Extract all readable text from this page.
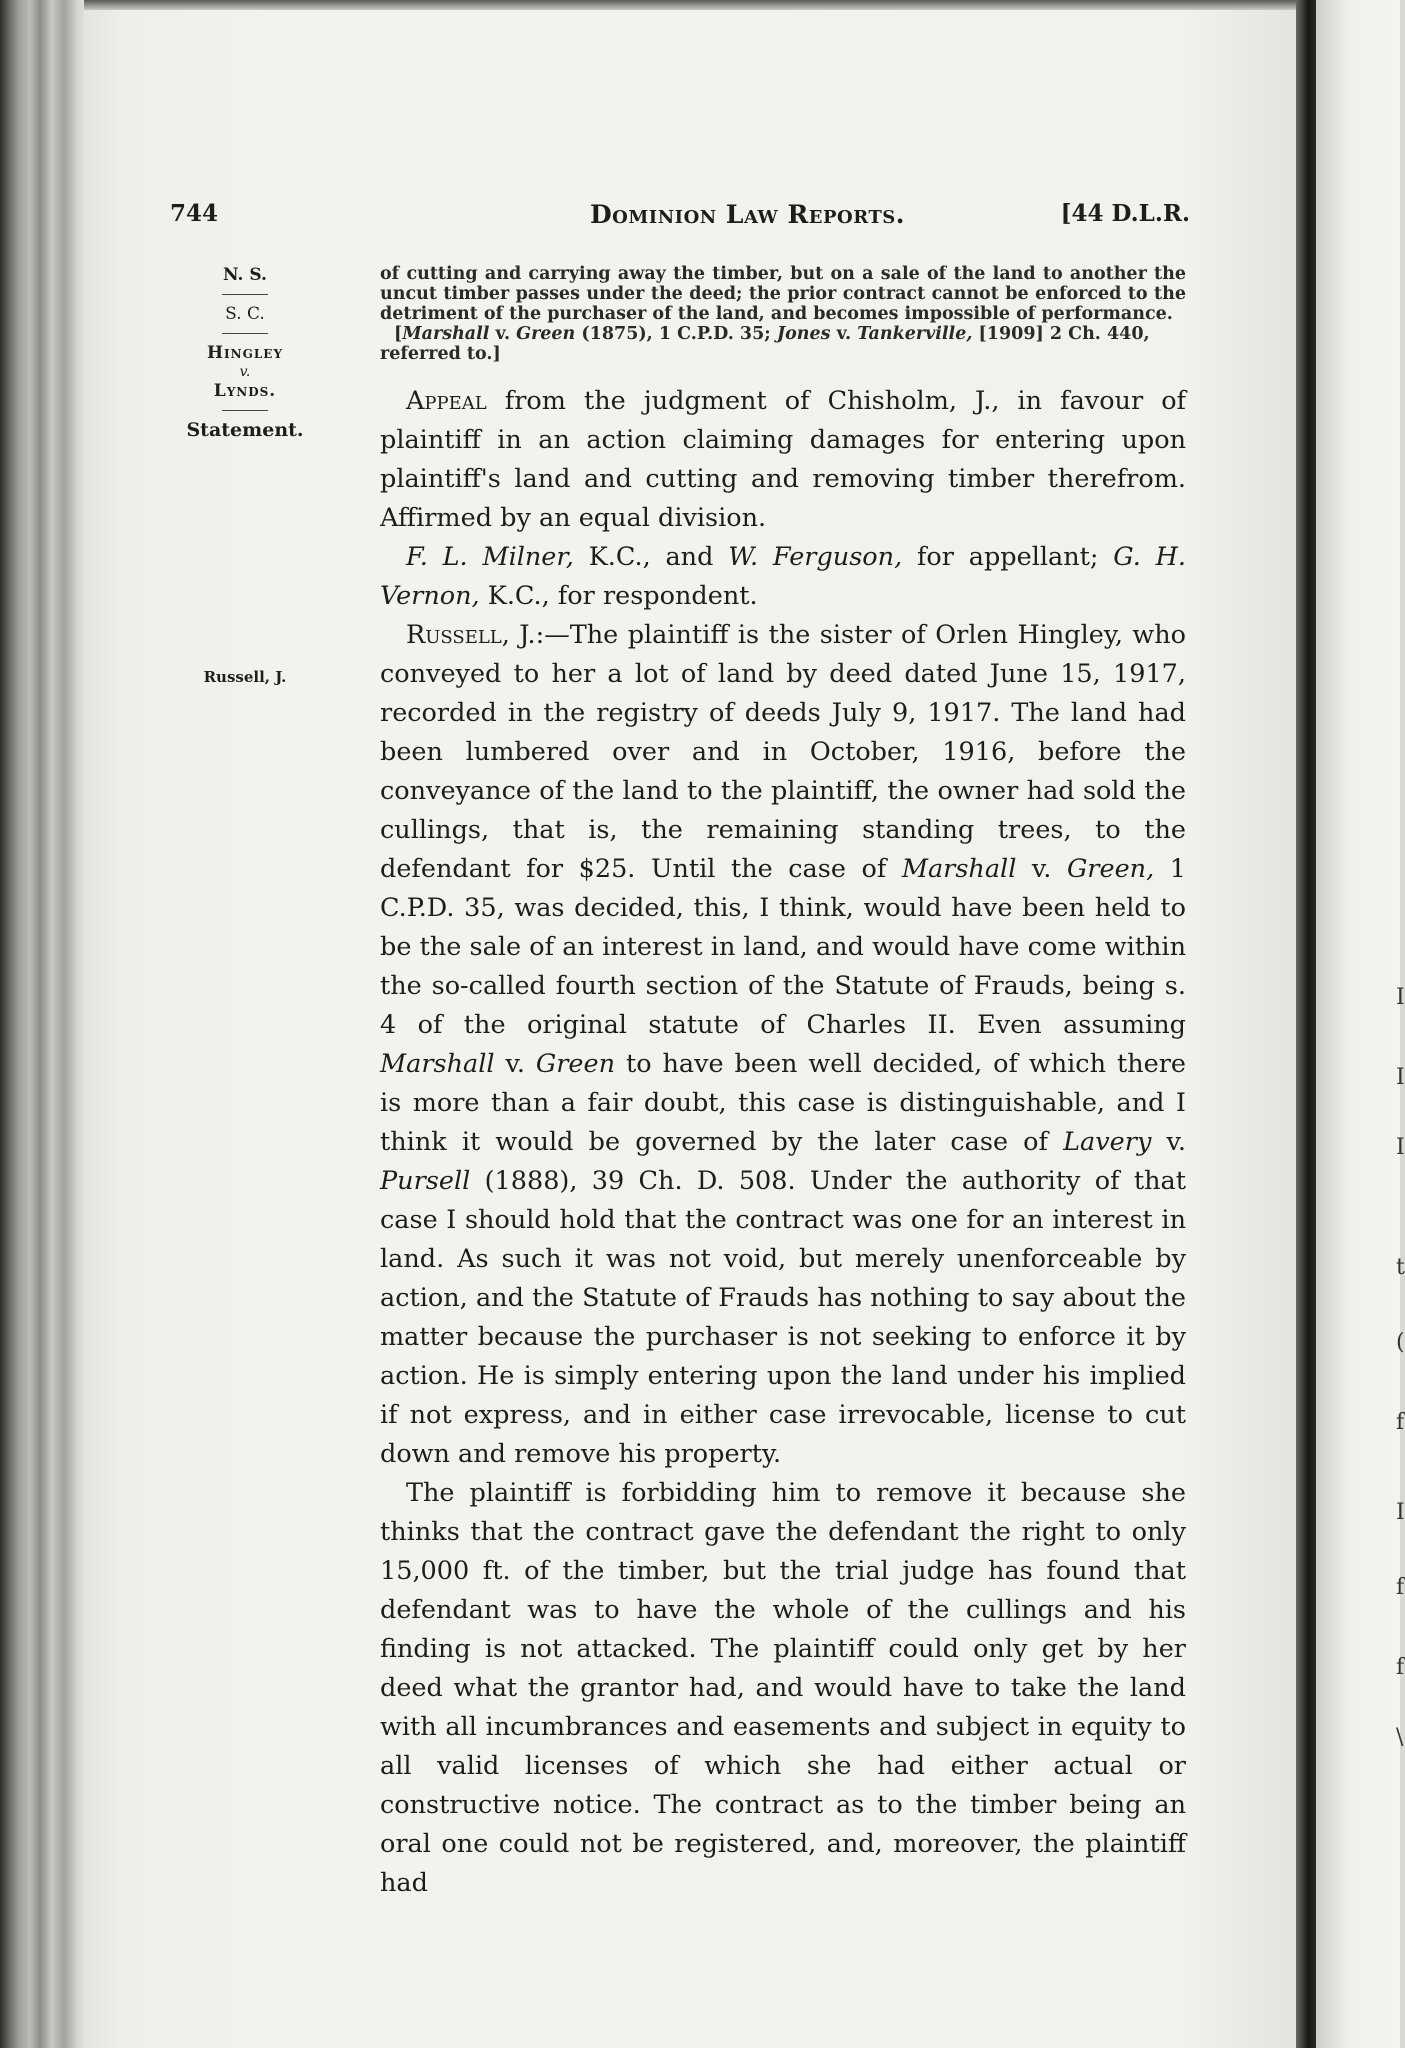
I
I
I
t
(
f
I
f
f
\
744	Dominion Law Reports.	[44 D.L.R.
N. S.
S. C.
Hingley
v.
Lynds.
Statement.
Russell, J.

of cutting and carrying away the timber, but on a sale of the land to another the uncut timber passes under the deed; the prior contract cannot be enforced to the detriment of the purchaser of the land, and becomes impossible of performance.

[Marshall v. Green (1875), 1 C.P.D. 35; Jones v. Tankerville, [1909] 2 Ch. 440, referred to.]

Appeal from the judgment of Chisholm, J., in favour of plaintiff in an action claiming damages for entering upon plaintiff's land and cutting and removing timber therefrom. Affirmed by an equal division.

F. L. Milner, K.C., and W. Ferguson, for appellant; G. H. Vernon, K.C., for respondent.

Russell, J.:—The plaintiff is the sister of Orlen Hingley, who conveyed to her a lot of land by deed dated June 15, 1917, recorded in the registry of deeds July 9, 1917. The land had been lumbered over and in October, 1916, before the conveyance of the land to the plaintiff, the owner had sold the cullings, that is, the remaining standing trees, to the defendant for $25. Until the case of Marshall v. Green, 1 C.P.D. 35, was decided, this, I think, would have been held to be the sale of an interest in land, and would have come within the so-called fourth section of the Statute of Frauds, being s. 4 of the original statute of Charles II. Even assuming Marshall v. Green to have been well decided, of which there is more than a fair doubt, this case is distinguishable, and I think it would be governed by the later case of Lavery v. Pursell (1888), 39 Ch. D. 508. Under the authority of that case I should hold that the contract was one for an interest in land. As such it was not void, but merely unenforceable by action, and the Statute of Frauds has nothing to say about the matter because the purchaser is not seeking to enforce it by action. He is simply entering upon the land under his implied if not express, and in either case irrevocable, license to cut down and remove his property.

The plaintiff is forbidding him to remove it because she thinks that the contract gave the defendant the right to only 15,000 ft. of the timber, but the trial judge has found that defendant was to have the whole of the cullings and his finding is not attacked. The plaintiff could only get by her deed what the grantor had, and would have to take the land with all incumbrances and easements and subject in equity to all valid licenses of which she had either actual or constructive notice. The contract as to the timber being an oral one could not be registered, and, moreover, the plaintiff had
